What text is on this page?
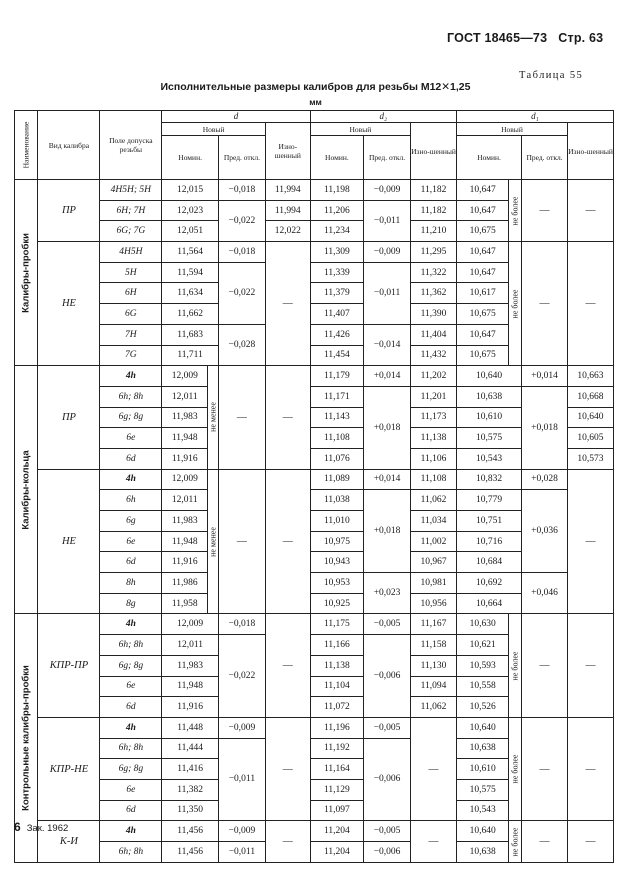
ГОСТ 18465—73 Стр. 63
Таблица 55
Исполнительные размеры калибров для резьбы М12✕1,25
мм
Наименование	Вид калибра	Поле допуска резьбы	d				d₂			d₁			
			Новый			Изно-шенный	Новый		Изно-шенный	Новый			Изно-шенный
			Номин.		Пред. откл.		Номин.	Пред. откл.		Номин.		Пред. откл.	

Калибры-пробки	ПР	4H5H; 5H	12,015		−0,018	11,994	11,198	−0,009	11,182	10,647	не более	—	—
		6H; 7H	12,023		−0,022	11,994	11,206	−0,011	11,182	10,647			
		6G; 7G	12,051			12,022	11,234		11,210	10,675			
	НЕ	4H5H	11,564		−0,018	—	11,309	−0,009	11,295	10,647	не более	—	—
		5H	11,594		−0,022		11,339	−0,011	11,322	10,647			
		6H	11,634				11,379		11,362	10,617			
		6G	11,662				11,407		11,390	10,675			
		7H	11,683		−0,028		11,426	−0,014	11,404	10,647			
		7G	11,711				11,454		11,432	10,675			

Калибры-кольца	ПР	4h	12,009	не менее	—	—	11,179	+0,014	11,202	10,640		+0,014	10,663
		6h; 8h	12,011				11,171	+0,018	11,201	10,638		+0,018	10,668
		6g; 8g	11,983				11,143		11,173	10,610			10,640
		6e	11,948				11,108		11,138	10,575			10,605
		6d	11,916				11,076		11,106	10,543			10,573
	НЕ	4h	12,009	не менее	—	—	11,089	+0,014	11,108	10,832		+0,028	—
		6h	12,011				11,038	+0,018	11,062	10,779		+0,036	
		6g	11,983				11,010		11,034	10,751			
		6e	11,948				10,975		11,002	10,716			
		6d	11,916				10,943		10,967	10,684			
		8h	11,986				10,953	+0,023	10,981	10,692		+0,046	
		8g	11,958				10,925		10,956	10,664			

Контрольные калибры-пробки	КПР-ПР	4h	12,009		−0,018	—	11,175	−0,005	11,167	10,630	не более	—	—
		6h; 8h	12,011		−0,022		11,166	−0,006	11,158	10,621			
		6g; 8g	11,983				11,138		11,130	10,593			
		6e	11,948				11,104		11,094	10,558			
		6d	11,916				11,072		11,062	10,526			
	КПР-НЕ	4h	11,448		−0,009	—	11,196	−0,005	—	10,640	не более	—	—
		6h; 8h	11,444		−0,011		11,192	−0,006		10,638			
		6g; 8g	11,416				11,164			10,610			
		6e	11,382				11,129			10,575			
		6d	11,350				11,097			10,543			
	К-И	4h	11,456		−0,009	—	11,204	−0,005	—	10,640	не более	—	—
		6h; 8h	11,456		−0,011		11,204	−0,006		10,638			
6 Зак. 1962
